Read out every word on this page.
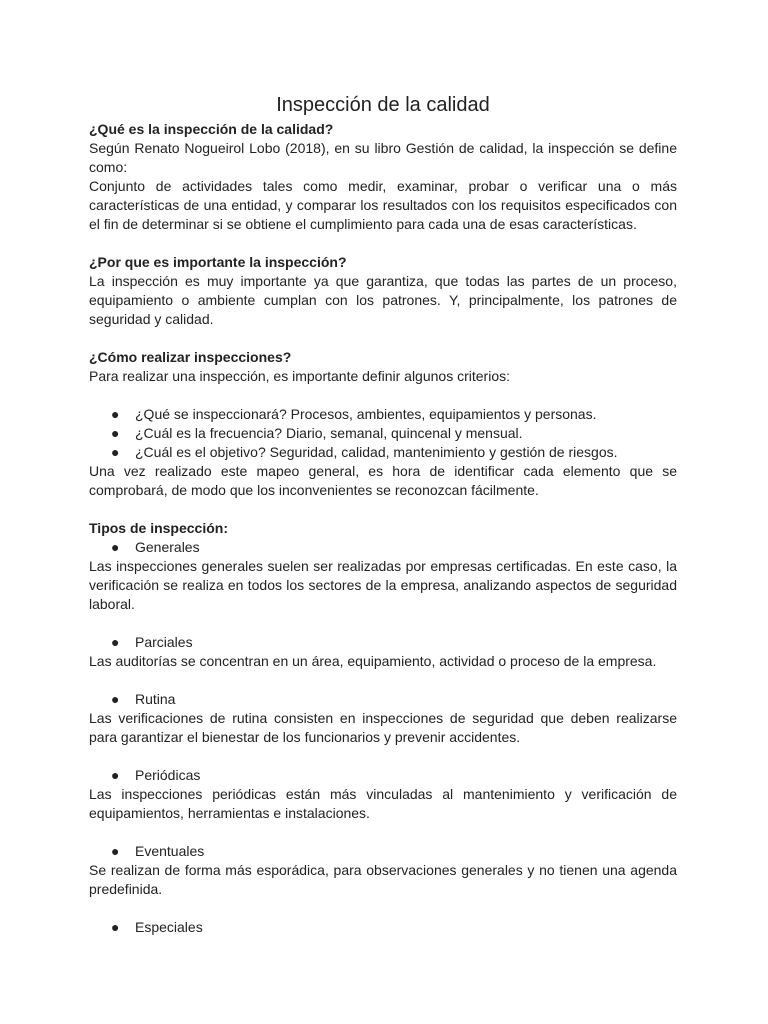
Inspección de la calidad
¿Qué es la inspección de la calidad?

Según Renato Nogueirol Lobo (2018), en su libro Gestión de calidad, la inspección se define como:

Conjunto de actividades tales como medir, examinar, probar o verificar una o más características de una entidad, y comparar los resultados con los requisitos especificados con el fin de determinar si se obtiene el cumplimiento para cada una de esas características.

¿Por que es importante la inspección?

La inspección es muy importante ya que garantiza, que todas las partes de un proceso, equipamiento o ambiente cumplan con los patrones. Y, principalmente, los patrones de seguridad y calidad.

¿Cómo realizar inspecciones?

Para realizar una inspección, es importante definir algunos criterios:

● ¿Qué se inspeccionará? Procesos, ambientes, equipamientos y personas.
● ¿Cuál es la frecuencia? Diario, semanal, quincenal y mensual.
● ¿Cuál es el objetivo? Seguridad, calidad, mantenimiento y gestión de riesgos.

Una vez realizado este mapeo general, es hora de identificar cada elemento que se comprobará, de modo que los inconvenientes se reconozcan fácilmente.

Tipos de inspección:
● Generales

Las inspecciones generales suelen ser realizadas por empresas certificadas. En este caso, la verificación se realiza en todos los sectores de la empresa, analizando aspectos de seguridad laboral.

● Parciales

Las auditorías se concentran en un área, equipamiento, actividad o proceso de la empresa.

● Rutina

Las verificaciones de rutina consisten en inspecciones de seguridad que deben realizarse para garantizar el bienestar de los funcionarios y prevenir accidentes.

● Periódicas

Las inspecciones periódicas están más vinculadas al mantenimiento y verificación de equipamientos, herramientas e instalaciones.

● Eventuales

Se realizan de forma más esporádica, para observaciones generales y no tienen una agenda predefinida.

● Especiales
